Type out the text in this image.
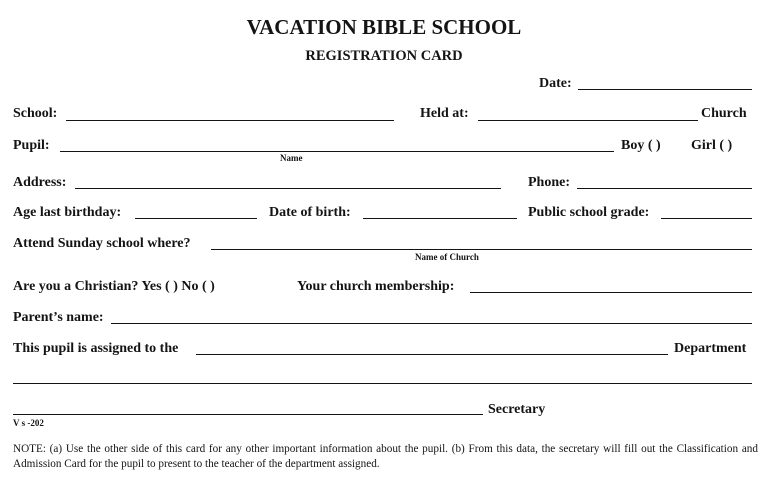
VACATION BIBLE SCHOOL
REGISTRATION CARD
Date:
School:	Held at:	Church
Pupil:
Name
Boy ( ) Girl ( )
Address:	Phone:
Age last birthday:	Date of birth:	Public school grade:
Attend Sunday school where?
Name of Church
Are you a Christian? Yes ( ) No ( )	Your church membership:
Parent’s name:
This pupil is assigned to the	Department
Secretary
V s -202
NOTE: (a) Use the other side of this card for any other important information about the pupil. (b) From this data, the secretary will fill out the Classification and Admission Card for the pupil to present to the teacher of the department assigned.
